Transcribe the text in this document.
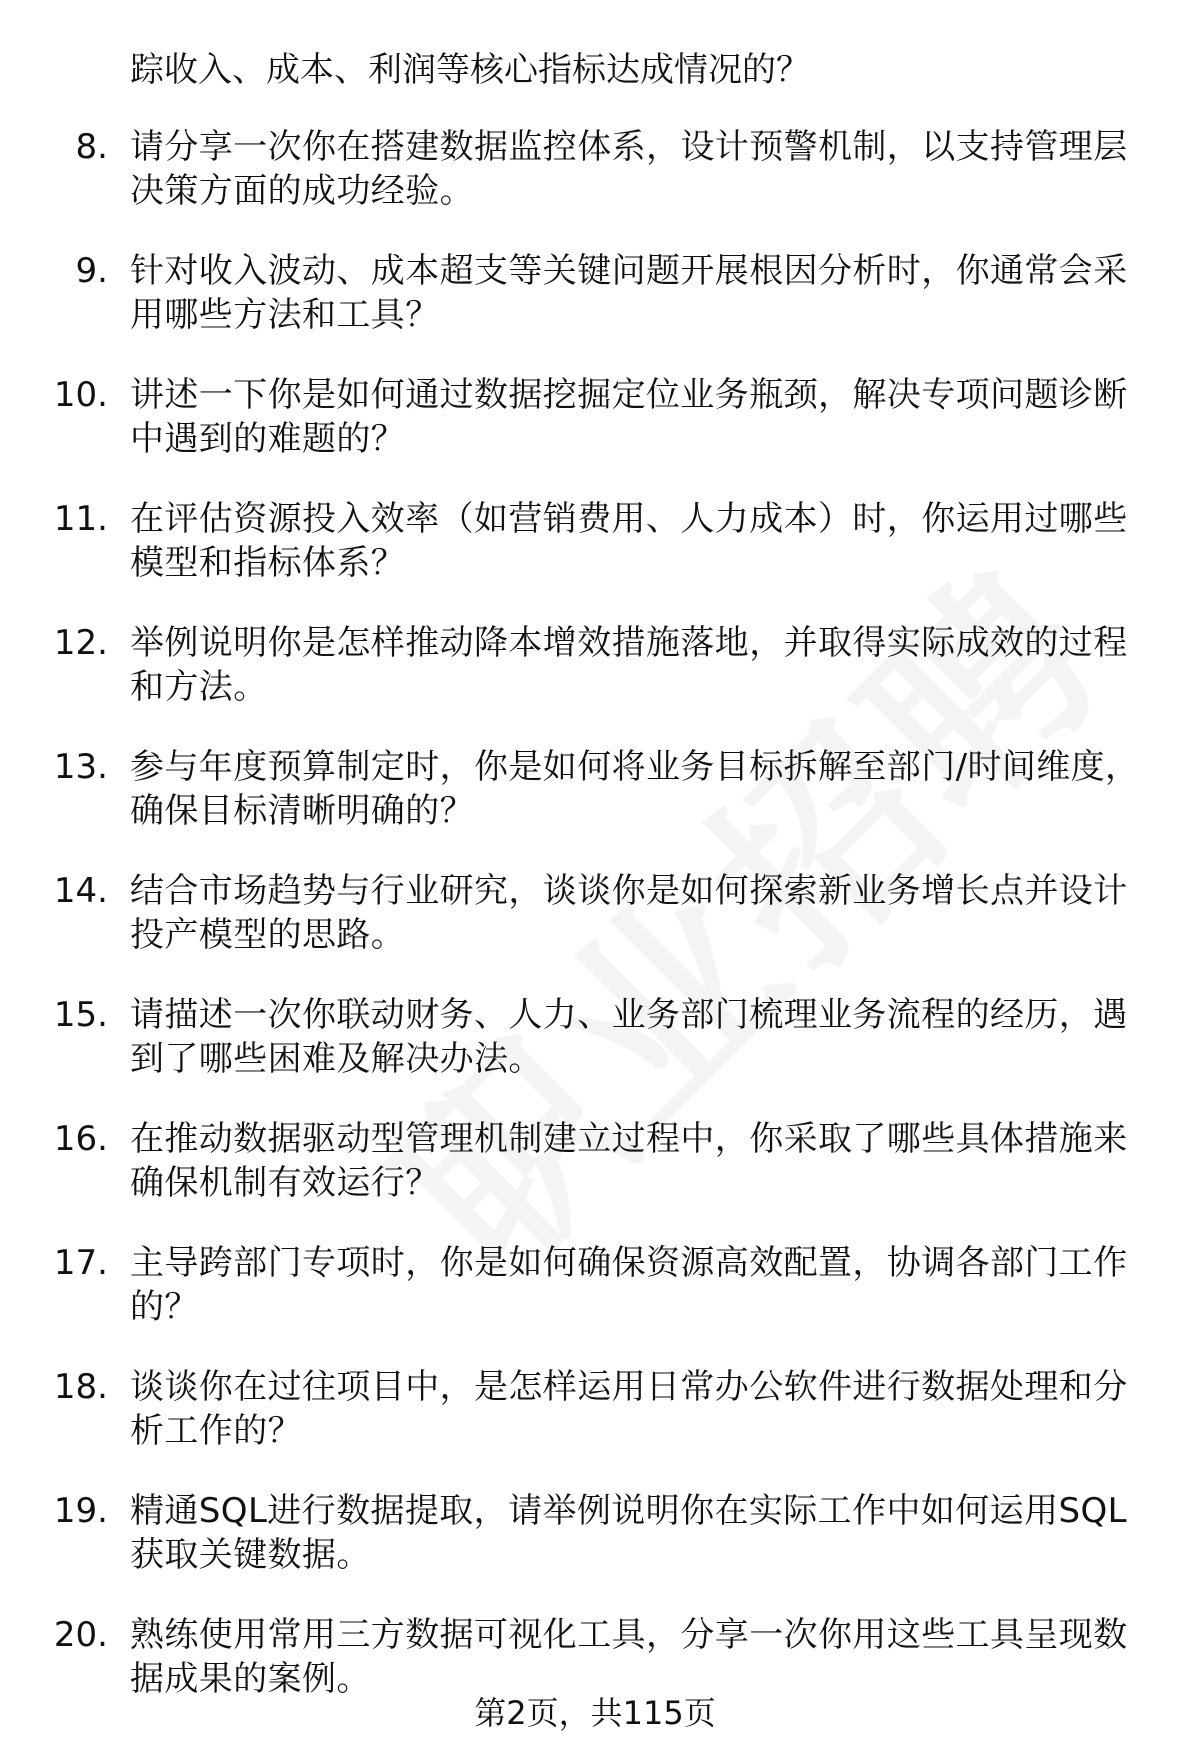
踪收入、成本、利润等核心指标达成情况的？
8. 请分享一次你在搭建数据监控体系，设计预警机制，以支持管理层决策方面的成功经验。
9. 针对收入波动、成本超支等关键问题开展根因分析时，你通常会采用哪些方法和工具？
10. 讲述一下你是如何通过数据挖掘定位业务瓶颈，解决专项问题诊断中遇到的难题的？
11. 在评估资源投入效率（如营销费用、人力成本）时，你运用过哪些模型和指标体系？
12. 举例说明你是怎样推动降本增效措施落地，并取得实际成效的过程和方法。
13. 参与年度预算制定时，你是如何将业务目标拆解至部门/时间维度，确保目标清晰明确的？
14. 结合市场趋势与行业研究，谈谈你是如何探索新业务增长点并设计投产模型的思路。
15. 请描述一次你联动财务、人力、业务部门梳理业务流程的经历，遇到了哪些困难及解决办法。
16. 在推动数据驱动型管理机制建立过程中，你采取了哪些具体措施来确保机制有效运行？
17. 主导跨部门专项时，你是如何确保资源高效配置，协调各部门工作的？
18. 谈谈你在过往项目中，是怎样运用日常办公软件进行数据处理和分析工作的？
19. 精通SQL进行数据提取，请举例说明你在实际工作中如何运用SQL获取关键数据。
20. 熟练使用常用三方数据可视化工具，分享一次你用这些工具呈现数据成果的案例。
第2页，共115页
